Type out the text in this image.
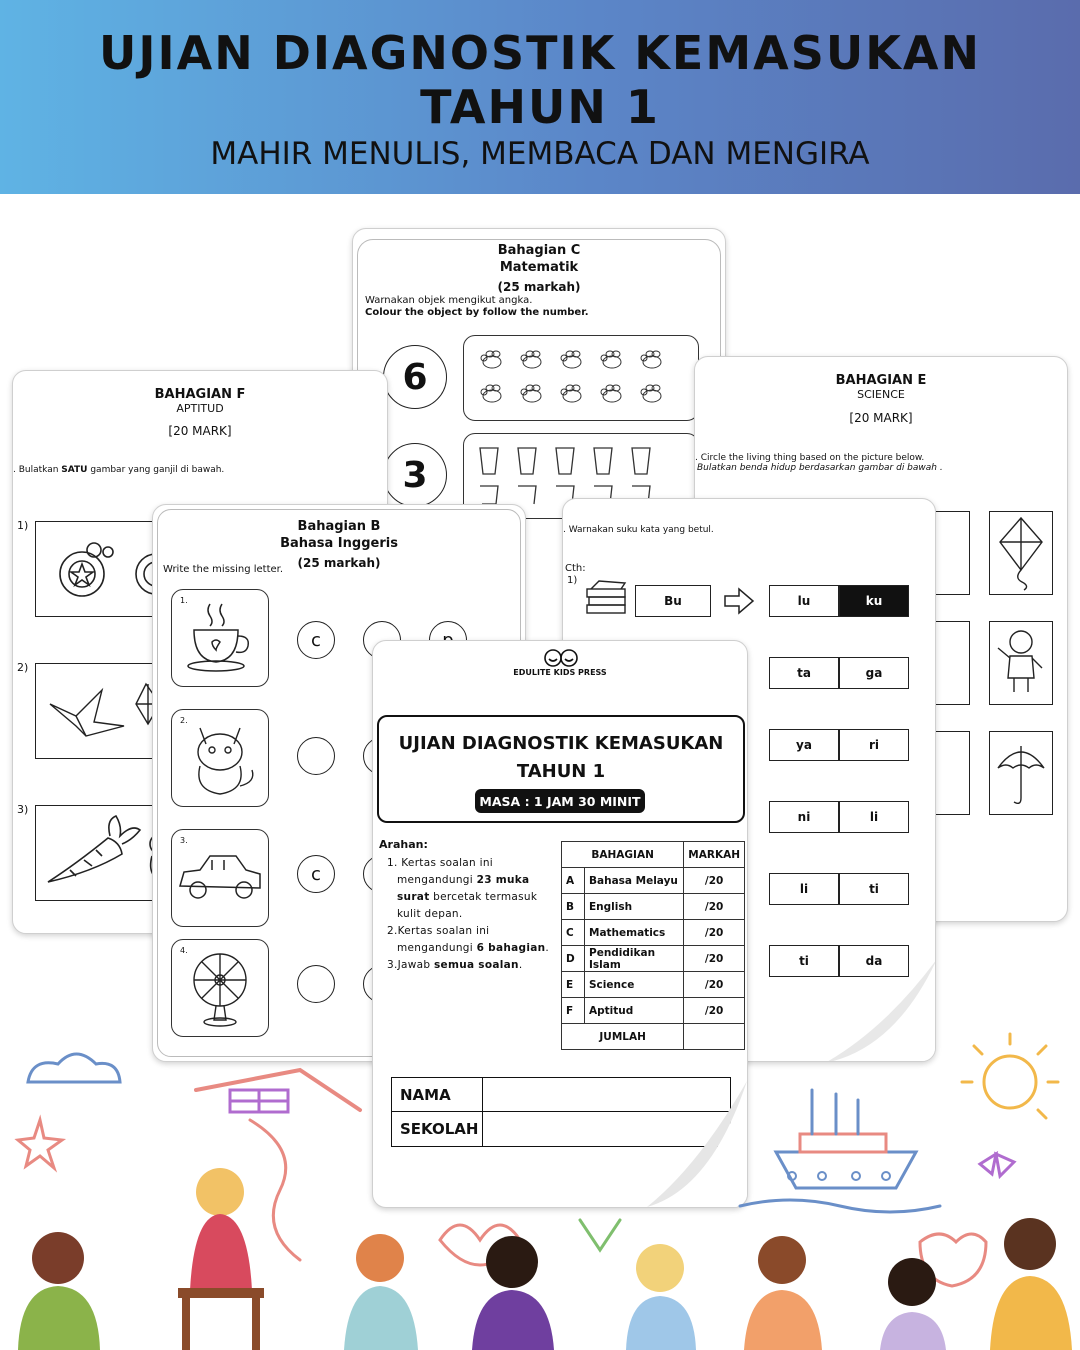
UJIAN DIAGNOSTIK KEMASUKAN
TAHUN 1
MAHIR MENULIS, MEMBACA DAN MENGIRA
Bahagian C
Matematik
(25 markah)
Warnakan objek mengikut angka.
Colour the object by follow the number.
6
3
BAHAGIAN F
APTITUD
[20 MARK]
. Bulatkan SATU gambar yang ganjil di bawah.
1)
2)
3)
BAHAGIAN E
SCIENCE
[20 MARK]
. Circle the living thing based on the picture below.
Bulatkan benda hidup berdasarkan gambar di bawah .
. Warnakan suku kata yang betul.
Cth:
1)
Bu	lu	ku
ta	ga
ya	ri
ni	li
li	ti
ti	da
Bahagian B
Bahasa Inggeris
(25 markah)
Write the missing letter.
1.
c
2.
3.
c
4.
EDULITE KIDS PRESS
UJIAN DIAGNOSTIK KEMASUKAN
TAHUN 1
MASA : 1 JAM 30 MINIT
Arahan:
1. Kertas soalan ini
mengandungi 23 muka
surat bercetak termasuk
kulit depan.
2.Kertas soalan ini
mengandungi 6 bahagian.
3.Jawab semua soalan.
BAHAGIAN		MARKAH
A	Bahasa Melayu	/20
B	English	/20
C	Mathematics	/20
D	Pendidikan Islam	/20
E	Science	/20
F	Aptitud	/20
JUMLAH		
NAMA
SEKOLAH
